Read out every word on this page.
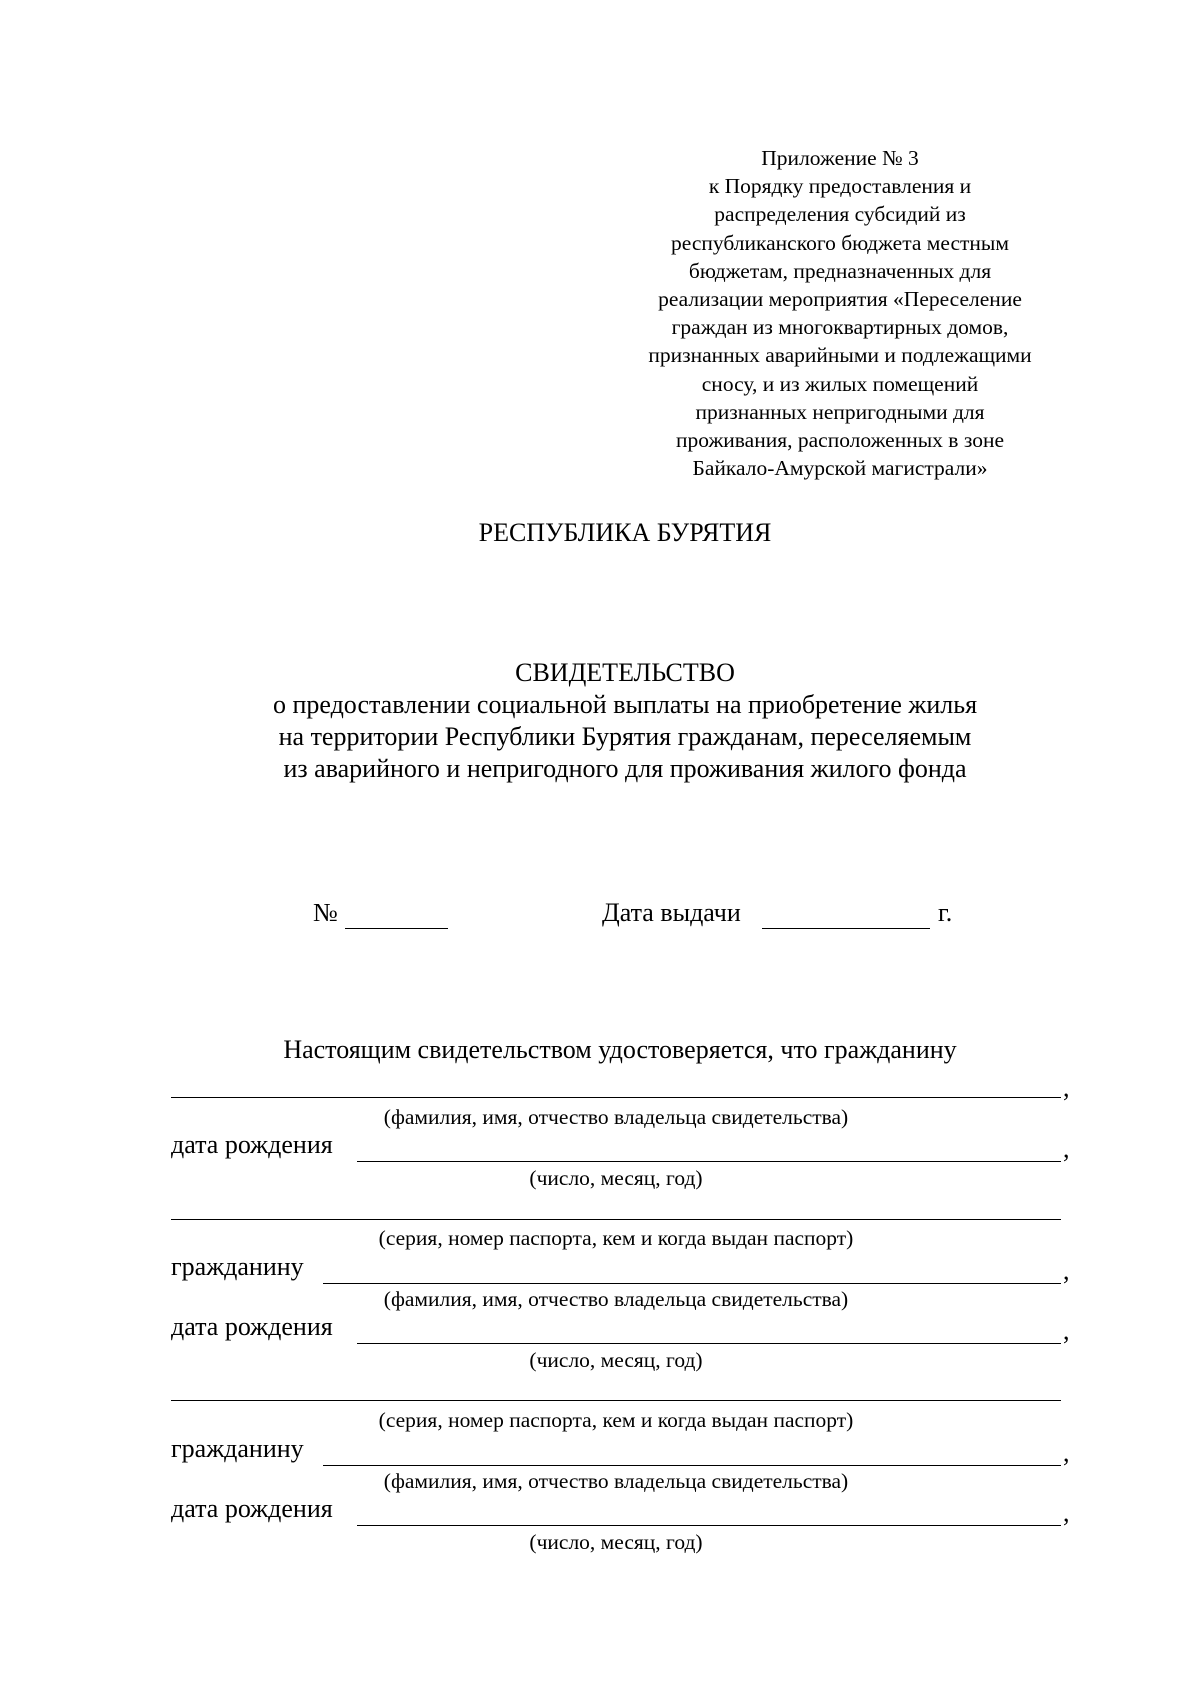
Приложение № 3
к Порядку предоставления и
распределения субсидий из
республиканского бюджета местным
бюджетам, предназначенных для
реализации мероприятия «Переселение
граждан из многоквартирных домов,
признанных аварийными и подлежащими
сносу, и из жилых помещений
признанных непригодными для
проживания, расположенных в зоне
Байкало-Амурской магистрали»
РЕСПУБЛИКА БУРЯТИЯ
СВИДЕТЕЛЬСТВО
о предоставлении социальной выплаты на приобретение жилья
на территории Республики Бурятия гражданам, переселяемым
из аварийного и непригодного для проживания жилого фонда
№	Дата выдачи	г.
Настоящим свидетельством удостоверяется, что гражданину
,
(фамилия, имя, отчество владельца свидетельства)
дата рождения	,
(число, месяц, год)
(серия, номер паспорта, кем и когда выдан паспорт)
гражданину	,
(фамилия, имя, отчество владельца свидетельства)
дата рождения	,
(число, месяц, год)
(серия, номер паспорта, кем и когда выдан паспорт)
гражданину	,
(фамилия, имя, отчество владельца свидетельства)
дата рождения	,
(число, месяц, год)
